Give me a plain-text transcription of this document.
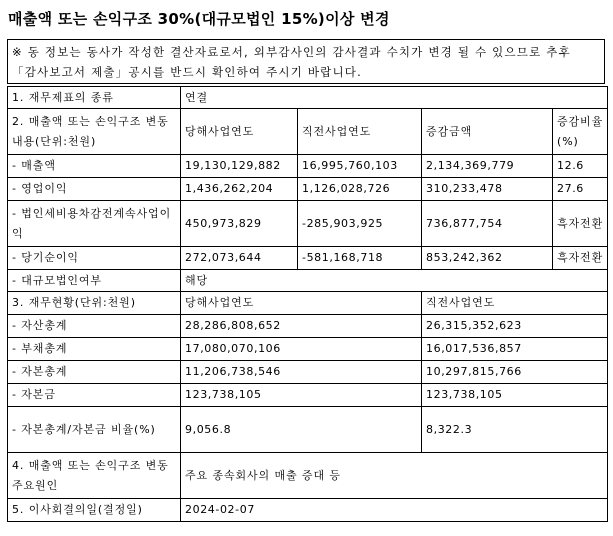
매출액 또는 손익구조 30%(대규모법인 15%)이상 변경
※ 동 정보는 동사가 작성한 결산자료로서, 외부감사인의 감사결과 수치가 변경 될 수 있으므로 추후 「감사보고서 제출」공시를 반드시 확인하여 주시기 바랍니다.
1. 재무제표의 종류	연결			
2. 매출액 또는 손익구조 변동내용(단위:천원)	당해사업연도	직전사업연도	증감금액	증감비율(%)
- 매출액	19,130,129,882	16,995,760,103	2,134,369,779	12.6
- 영업이익	1,436,262,204	1,126,028,726	310,233,478	27.6
- 법인세비용차감전계속사업이익	450,973,829	-285,903,925	736,877,754	흑자전환
- 당기순이익	272,073,644	-581,168,718	853,242,362	흑자전환
- 대규모법인여부	해당			
3. 재무현황(단위:천원)	당해사업연도		직전사업연도	
- 자산총계	28,286,808,652		26,315,352,623	
- 부채총계	17,080,070,106		16,017,536,857	
- 자본총계	11,206,738,546		10,297,815,766	
- 자본금	123,738,105		123,738,105	
- 자본총계/자본금 비율(%)	9,056.8		8,322.3	
4. 매출액 또는 손익구조 변동 주요원인	주요 종속회사의 매출 증대 등			
5. 이사회결의일(결정일)	2024-02-07			
